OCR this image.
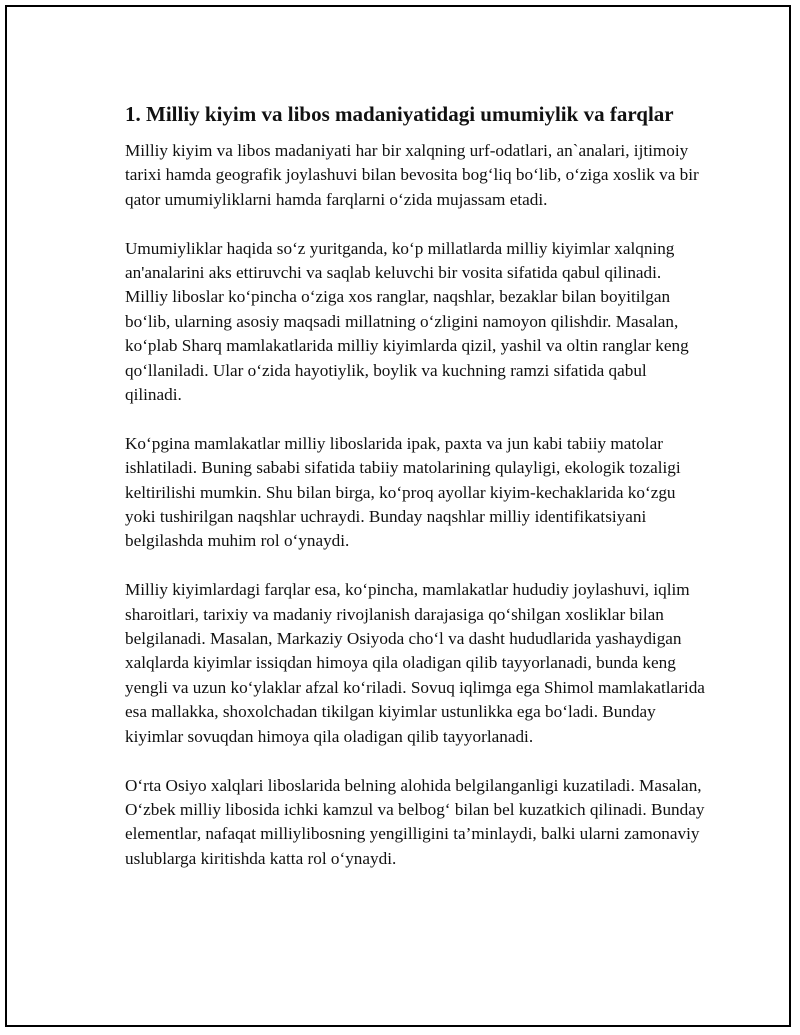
1. Milliy kiyim va libos madaniyatidagi umumiylik va farqlar

Milliy kiyim va libos madaniyati har bir xalqning urf-odatlari, an`analari, ijtimoiy tarixi hamda geografik joylashuvi bilan bevosita bog‘liq bo‘lib, o‘ziga xoslik va bir qator umumiyliklarni hamda farqlarni o‘zida mujassam etadi.

Umumiyliklar haqida so‘z yuritganda, ko‘p millatlarda milliy kiyimlar xalqning an'analarini aks ettiruvchi va saqlab keluvchi bir vosita sifatida qabul qilinadi. Milliy liboslar ko‘pincha o‘ziga xos ranglar, naqshlar, bezaklar bilan boyitilgan bo‘lib, ularning asosiy maqsadi millatning o‘zligini namoyon qilishdir. Masalan, ko‘plab Sharq mamlakatlarida milliy kiyimlarda qizil, yashil va oltin ranglar keng qo‘llaniladi. Ular o‘zida hayotiylik, boylik va kuchning ramzi sifatida qabul qilinadi.

Ko‘pgina mamlakatlar milliy liboslarida ipak, paxta va jun kabi tabiiy matolar ishlatiladi. Buning sababi sifatida tabiiy matolarining qulayligi, ekologik tozaligi keltirilishi mumkin. Shu bilan birga, ko‘proq ayollar kiyim-kechaklarida ko‘zgu yoki tushirilgan naqshlar uchraydi. Bunday naqshlar milliy identifikatsiyani belgilashda muhim rol o‘ynaydi.

Milliy kiyimlardagi farqlar esa, ko‘pincha, mamlakatlar hududiy joylashuvi, iqlim sharoitlari, tarixiy va madaniy rivojlanish darajasiga qo‘shilgan xosliklar bilan belgilanadi. Masalan, Markaziy Osiyoda cho‘l va dasht hududlarida yashaydigan xalqlarda kiyimlar issiqdan himoya qila oladigan qilib tayyorlanadi, bunda keng yengli va uzun ko‘ylaklar afzal ko‘riladi. Sovuq iqlimga ega Shimol mamlakatlarida esa mallakka, shoxolchadan tikilgan kiyimlar ustunlikka ega bo‘ladi. Bunday kiyimlar sovuqdan himoya qila oladigan qilib tayyorlanadi.

O‘rta Osiyo xalqlari liboslarida belning alohida belgilanganligi kuzatiladi. Masalan, O‘zbek milliy libosida ichki kamzul va belbog‘ bilan bel kuzatkich qilinadi. Bunday elementlar, nafaqat milliylibosning yengilligini ta’minlaydi, balki ularni zamonaviy uslublarga kiritishda katta rol o‘ynaydi.
